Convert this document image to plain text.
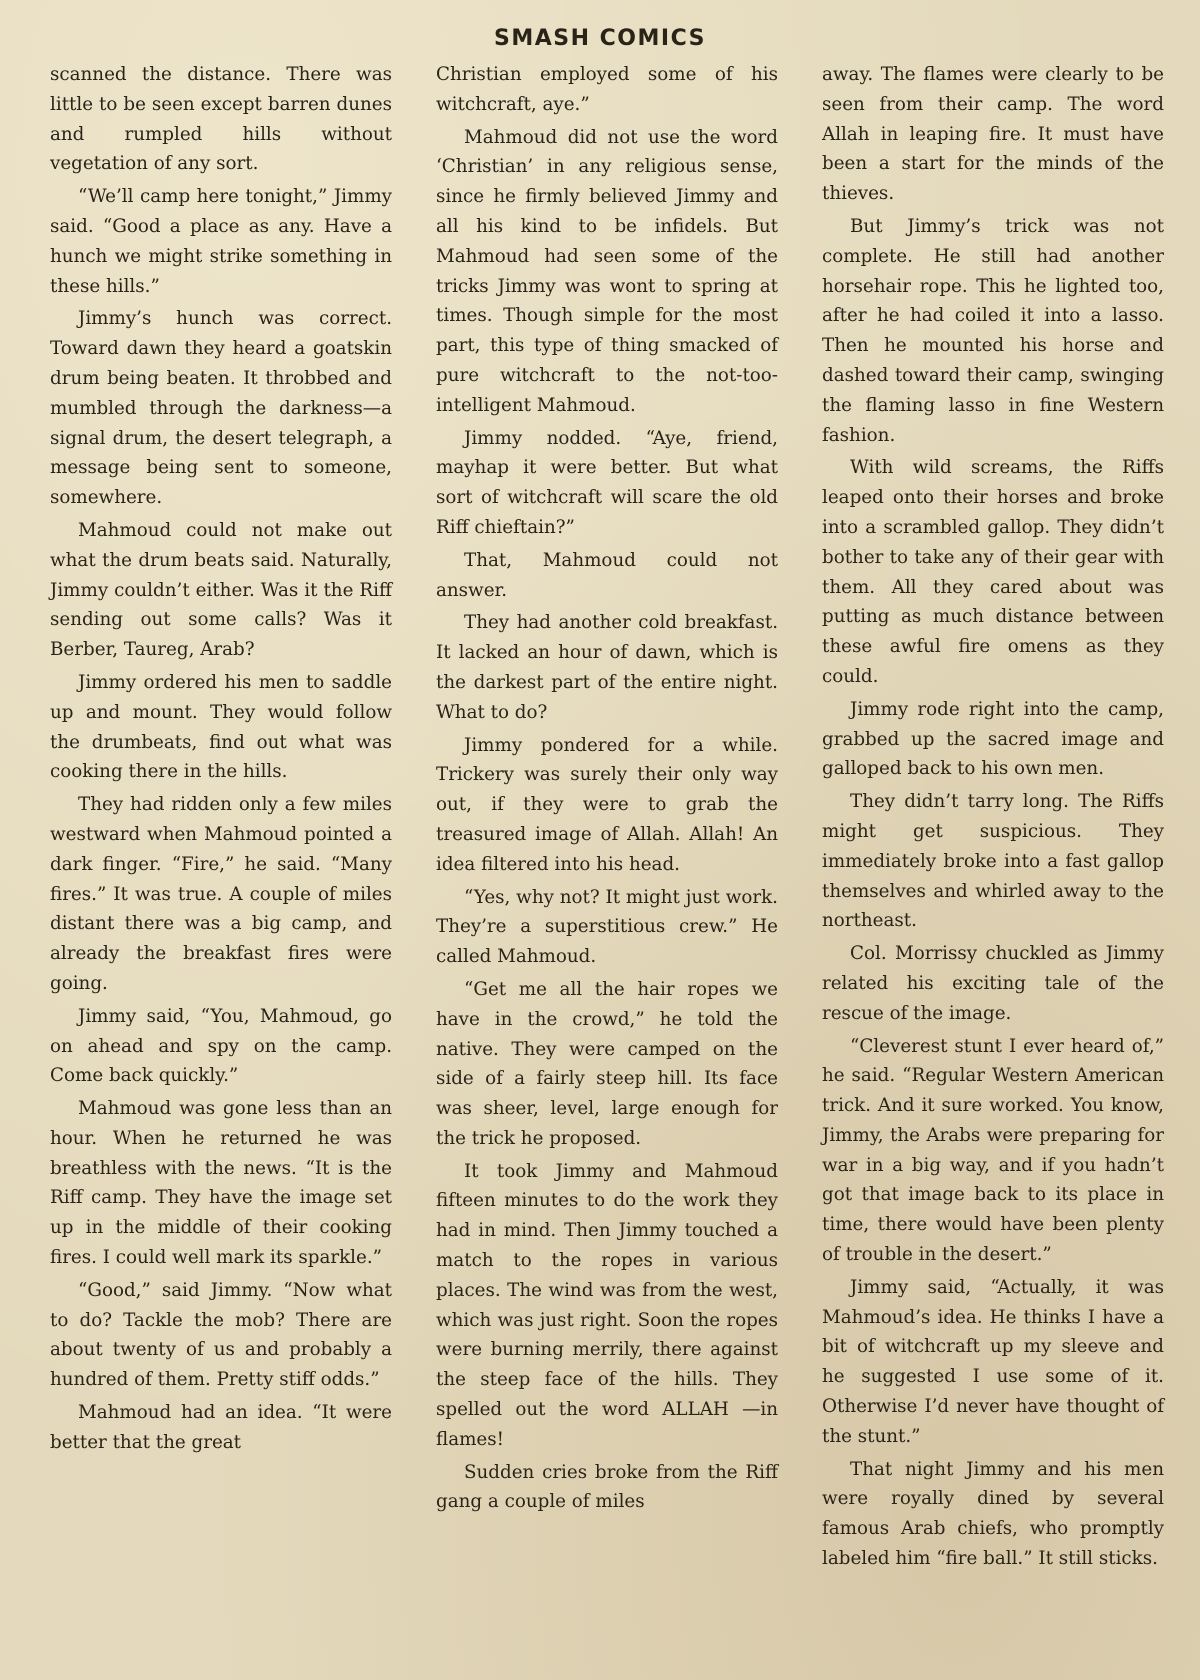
SMASH COMICS

scanned the distance. There was little to be seen except barren dunes and rumpled hills without vegetation of any sort.

“We’ll camp here tonight,” Jimmy said. “Good a place as any. Have a hunch we might strike something in these hills.”

Jimmy’s hunch was correct. Toward dawn they heard a goatskin drum being beaten. It throbbed and mumbled through the darkness—a signal drum, the desert telegraph, a message being sent to someone, somewhere.

Mahmoud could not make out what the drum beats said. Naturally, Jimmy couldn’t either. Was it the Riff sending out some calls? Was it Berber, Taureg, Arab?

Jimmy ordered his men to saddle up and mount. They would follow the drumbeats, find out what was cooking there in the hills.

They had ridden only a few miles westward when Mahmoud pointed a dark finger. “Fire,” he said. “Many fires.” It was true. A couple of miles distant there was a big camp, and already the breakfast fires were going.

Jimmy said, “You, Mahmoud, go on ahead and spy on the camp. Come back quickly.”

Mahmoud was gone less than an hour. When he returned he was breathless with the news. “It is the Riff camp. They have the image set up in the middle of their cooking fires. I could well mark its sparkle.”

“Good,” said Jimmy. “Now what to do? Tackle the mob? There are about twenty of us and probably a hundred of them. Pretty stiff odds.”

Mahmoud had an idea. “It were better that the great

Christian employed some of his witchcraft, aye.”

Mahmoud did not use the word ‘Christian’ in any religious sense, since he firmly believed Jimmy and all his kind to be infidels. But Mahmoud had seen some of the tricks Jimmy was wont to spring at times. Though simple for the most part, this type of thing smacked of pure witchcraft to the not-too-intelligent Mahmoud.

Jimmy nodded. “Aye, friend, mayhap it were better. But what sort of witchcraft will scare the old Riff chieftain?”

That, Mahmoud could not answer.

They had another cold breakfast. It lacked an hour of dawn, which is the darkest part of the entire night. What to do?

Jimmy pondered for a while. Trickery was surely their only way out, if they were to grab the treasured image of Allah. Allah! An idea filtered into his head.

“Yes, why not? It might just work. They’re a superstitious crew.” He called Mahmoud.

“Get me all the hair ropes we have in the crowd,” he told the native. They were camped on the side of a fairly steep hill. Its face was sheer, level, large enough for the trick he proposed.

It took Jimmy and Mahmoud fifteen minutes to do the work they had in mind. Then Jimmy touched a match to the ropes in various places. The wind was from the west, which was just right. Soon the ropes were burning merrily, there against the steep face of the hills. They spelled out the word ALLAH —in flames!

Sudden cries broke from the Riff gang a couple of miles

away. The flames were clearly to be seen from their camp. The word Allah in leaping fire. It must have been a start for the minds of the thieves.

But Jimmy’s trick was not complete. He still had another horsehair rope. This he lighted too, after he had coiled it into a lasso. Then he mounted his horse and dashed toward their camp, swinging the flaming lasso in fine Western fashion.

With wild screams, the Riffs leaped onto their horses and broke into a scrambled gallop. They didn’t bother to take any of their gear with them. All they cared about was putting as much distance between these awful fire omens as they could.

Jimmy rode right into the camp, grabbed up the sacred image and galloped back to his own men.

They didn’t tarry long. The Riffs might get suspicious. They immediately broke into a fast gallop themselves and whirled away to the northeast.

Col. Morrissy chuckled as Jimmy related his exciting tale of the rescue of the image.

“Cleverest stunt I ever heard of,” he said. “Regular Western American trick. And it sure worked. You know, Jimmy, the Arabs were preparing for war in a big way, and if you hadn’t got that image back to its place in time, there would have been plenty of trouble in the desert.”

Jimmy said, “Actually, it was Mahmoud’s idea. He thinks I have a bit of witchcraft up my sleeve and he suggested I use some of it. Otherwise I’d never have thought of the stunt.”

That night Jimmy and his men were royally dined by several famous Arab chiefs, who promptly labeled him “fire ball.” It still sticks.
